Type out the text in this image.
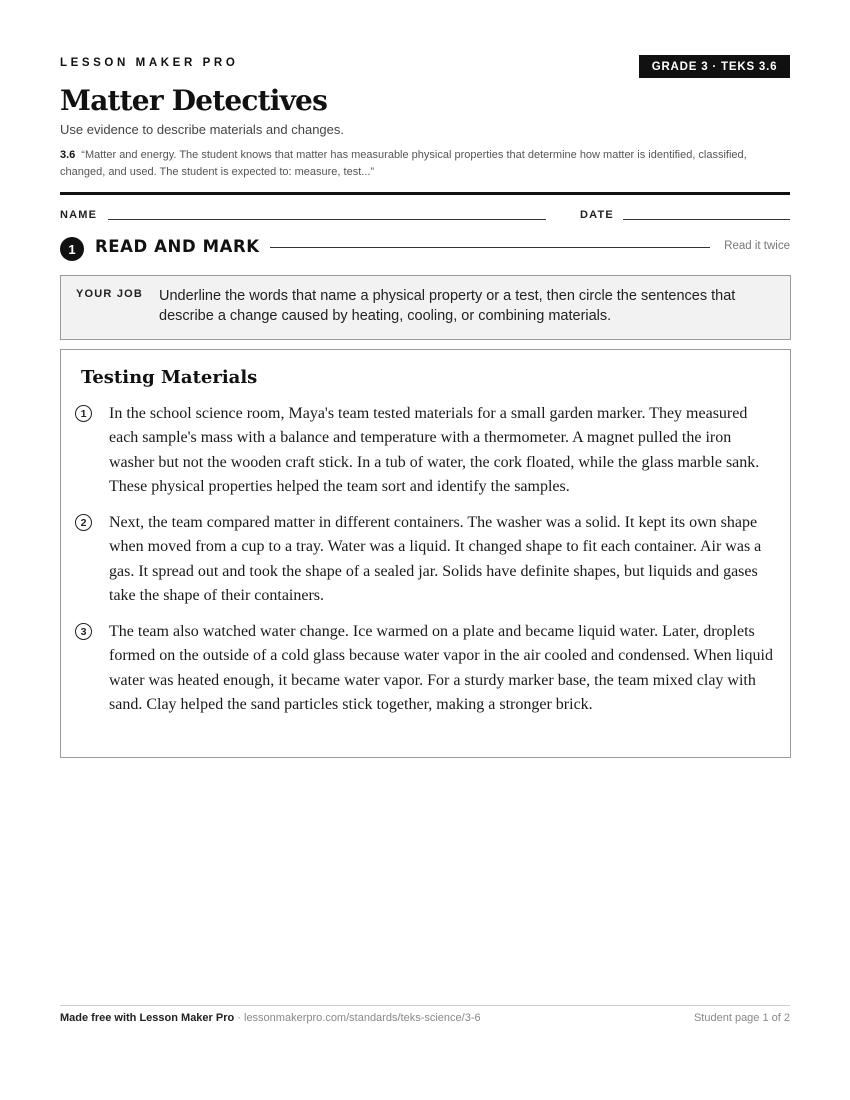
LESSON MAKER PRO	GRADE 3 · TEKS 3.6
Matter Detectives
Use evidence to describe materials and changes.
3.6 “Matter and energy. The student knows that matter has measurable physical properties that determine how matter is identified, classified, changed, and used. The student is expected to: measure, test...”
NAME	DATE
1	READ AND MARK	Read it twice
YOUR JOB Underline the words that name a physical property or a test, then circle the sentences that describe a change caused by heating, cooling, or combining materials.
Testing Materials
1	In the school science room, Maya's team tested materials for a small garden marker. They measured each sample's mass with a balance and temperature with a thermometer. A magnet pulled the iron washer but not the wooden craft stick. In a tub of water, the cork floated, while the glass marble sank. These physical properties helped the team sort and identify the samples.
2	Next, the team compared matter in different containers. The washer was a solid. It kept its own shape when moved from a cup to a tray. Water was a liquid. It changed shape to fit each container. Air was a gas. It spread out and took the shape of a sealed jar. Solids have definite shapes, but liquids and gases take the shape of their containers.
3	The team also watched water change. Ice warmed on a plate and became liquid water. Later, droplets formed on the outside of a cold glass because water vapor in the air cooled and condensed. When liquid water was heated enough, it became water vapor. For a sturdy marker base, the team mixed clay with sand. Clay helped the sand particles stick together, making a stronger brick.
Made free with Lesson Maker Pro · lessonmakerpro.com/standards/teks-science/3-6	Student page 1 of 2
